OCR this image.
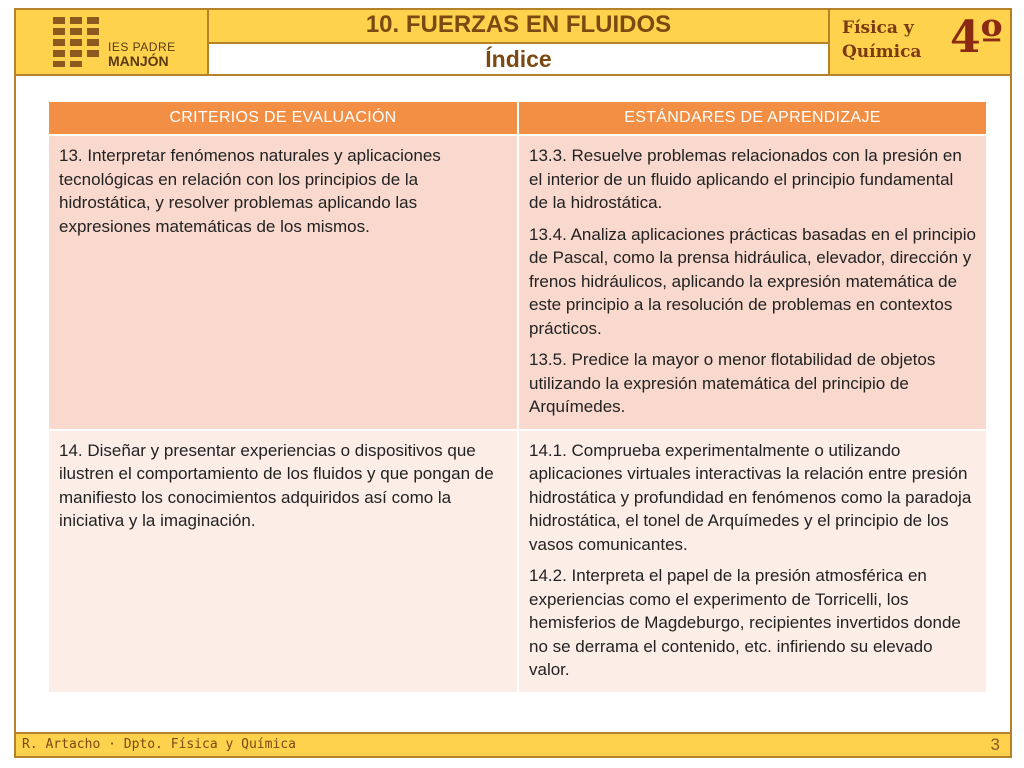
IES PADRE
MANJÓN
10. FUERZAS EN FLUIDOS
Índice
Física y
Química 4º
CRITERIOS DE EVALUACIÓN	ESTÁNDARES DE APRENDIZAJE

13. Interpretar fenómenos naturales y aplicaciones tecnológicas en relación con los principios de la hidrostática, y resolver problemas aplicando las expresiones matemáticas de los mismos.	13.3. Resuelve problemas relacionados con la presión en el interior de un fluido aplicando el principio fundamental de la hidrostática.

13.4. Analiza aplicaciones prácticas basadas en el principio de Pascal, como la prensa hidráulica, elevador, dirección y frenos hidráulicos, aplicando la expresión matemática de este principio a la resolución de problemas en contextos prácticos.

13.5. Predice la mayor o menor flotabilidad de objetos utilizando la expresión matemática del principio de Arquímedes.

14. Diseñar y presentar experiencias o dispositivos que ilustren el comportamiento de los fluidos y que pongan de manifiesto los conocimientos adquiridos así como la iniciativa y la imaginación.	14.1. Comprueba experimentalmente o utilizando aplicaciones virtuales interactivas la relación entre presión hidrostática y profundidad en fenómenos como la paradoja hidrostática, el tonel de Arquímedes y el principio de los vasos comunicantes.

14.2. Interpreta el papel de la presión atmosférica en experiencias como el experimento de Torricelli, los hemisferios de Magdeburgo, recipientes invertidos donde no se derrama el contenido, etc. infiriendo su elevado valor.

R. Artacho · Dpto. Física y Química	3
